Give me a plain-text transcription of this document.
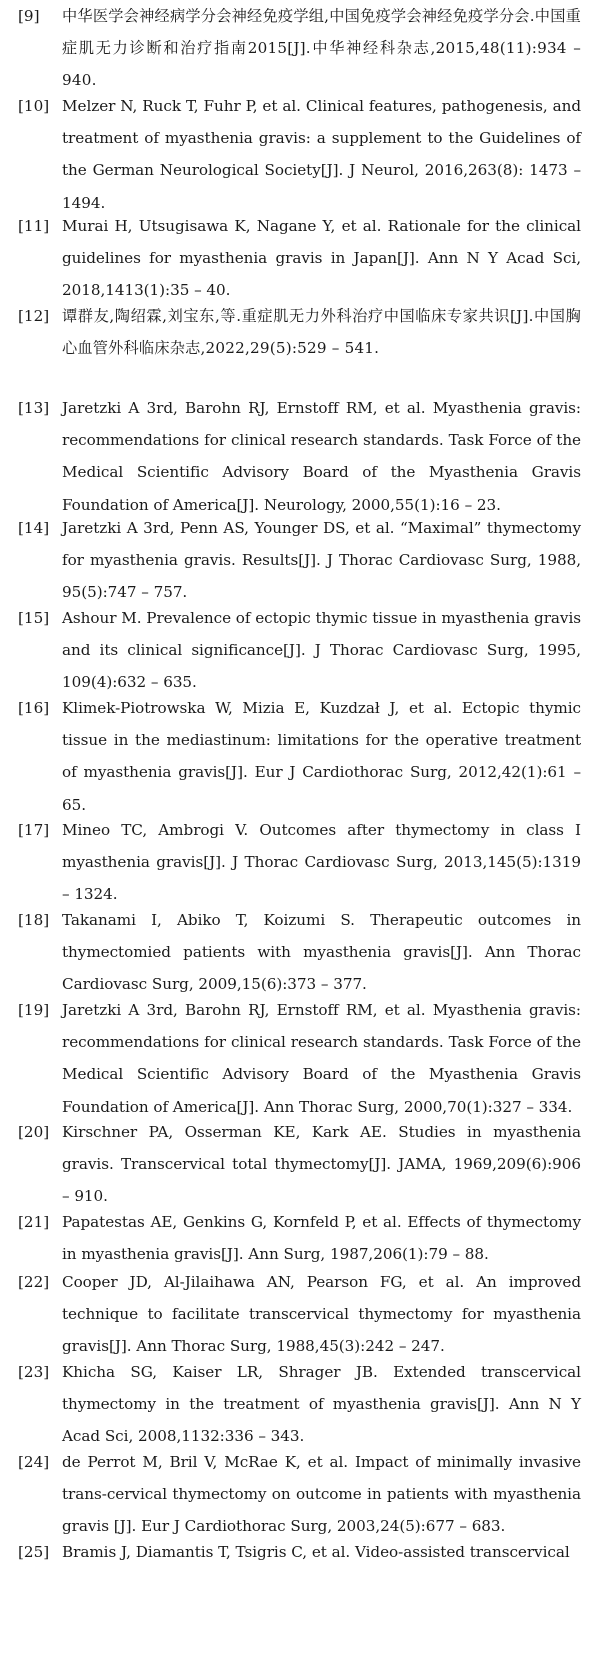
[9] 中华医学会神经病学分会神经免疫学组,中国免疫学会神经免疫学分会.中国重症肌无力诊断和治疗指南2015[J].中华神经科杂志,2015,48(11):934 – 940.
[10] Melzer N, Ruck T, Fuhr P, et al. Clinical features, pathogenesis, and treatment of myasthenia gravis: a supplement to the Guidelines of the German Neurological Society[J]. J Neurol, 2016,263(8): 1473 – 1494.
[11] Murai H, Utsugisawa K, Nagane Y, et al. Rationale for the clinical guidelines for myasthenia gravis in Japan[J]. Ann N Y Acad Sci, 2018,1413(1):35 – 40.
[12] 谭群友,陶绍霖,刘宝东,等.重症肌无力外科治疗中国临床专家共识[J].中国胸心血管外科临床杂志,2022,29(5):529 – 541.
[13] Jaretzki A 3rd, Barohn RJ, Ernstoff RM, et al. Myasthenia gravis: recommendations for clinical research standards. Task Force of the Medical Scientific Advisory Board of the Myasthenia Gravis Foundation of America[J]. Neurology, 2000,55(1):16 – 23.
[14] Jaretzki A 3rd, Penn AS, Younger DS, et al. “Maximal” thymectomy for myasthenia gravis. Results[J]. J Thorac Cardiovasc Surg, 1988, 95(5):747 – 757.
[15] Ashour M. Prevalence of ectopic thymic tissue in myasthenia gravis and its clinical significance[J]. J Thorac Cardiovasc Surg, 1995, 109(4):632 – 635.
[16] Klimek-Piotrowska W, Mizia E, Kuzdzał J, et al. Ectopic thymic tissue in the mediastinum: limitations for the operative treatment of myasthenia gravis[J]. Eur J Cardiothorac Surg, 2012,42(1):61 – 65.
[17] Mineo TC, Ambrogi V. Outcomes after thymectomy in class Ⅰ myasthenia gravis[J]. J Thorac Cardiovasc Surg, 2013,145(5):1319 – 1324.
[18] Takanami I, Abiko T, Koizumi S. Therapeutic outcomes in thymectomied patients with myasthenia gravis[J]. Ann Thorac Cardiovasc Surg, 2009,15(6):373 – 377.
[19] Jaretzki A 3rd, Barohn RJ, Ernstoff RM, et al. Myasthenia gravis: recommendations for clinical research standards. Task Force of the Medical Scientific Advisory Board of the Myasthenia Gravis Foundation of America[J]. Ann Thorac Surg, 2000,70(1):327 – 334.
[20] Kirschner PA, Osserman KE, Kark AE. Studies in myasthenia gravis. Transcervical total thymectomy[J]. JAMA, 1969,209(6):906 – 910.
[21] Papatestas AE, Genkins G, Kornfeld P, et al. Effects of thymectomy in myasthenia gravis[J]. Ann Surg, 1987,206(1):79 – 88.
[22] Cooper JD, Al-Jilaihawa AN, Pearson FG, et al. An improved technique to facilitate transcervical thymectomy for myasthenia gravis[J]. Ann Thorac Surg, 1988,45(3):242 – 247.
[23] Khicha SG, Kaiser LR, Shrager JB. Extended transcervical thymectomy in the treatment of myasthenia gravis[J]. Ann N Y Acad Sci, 2008,1132:336 – 343.
[24] de Perrot M, Bril V, McRae K, et al. Impact of minimally invasive trans-cervical thymectomy on outcome in patients with myasthenia gravis [J]. Eur J Cardiothorac Surg, 2003,24(5):677 – 683.
[25] Bramis J, Diamantis T, Tsigris C, et al. Video-assisted transcervical
